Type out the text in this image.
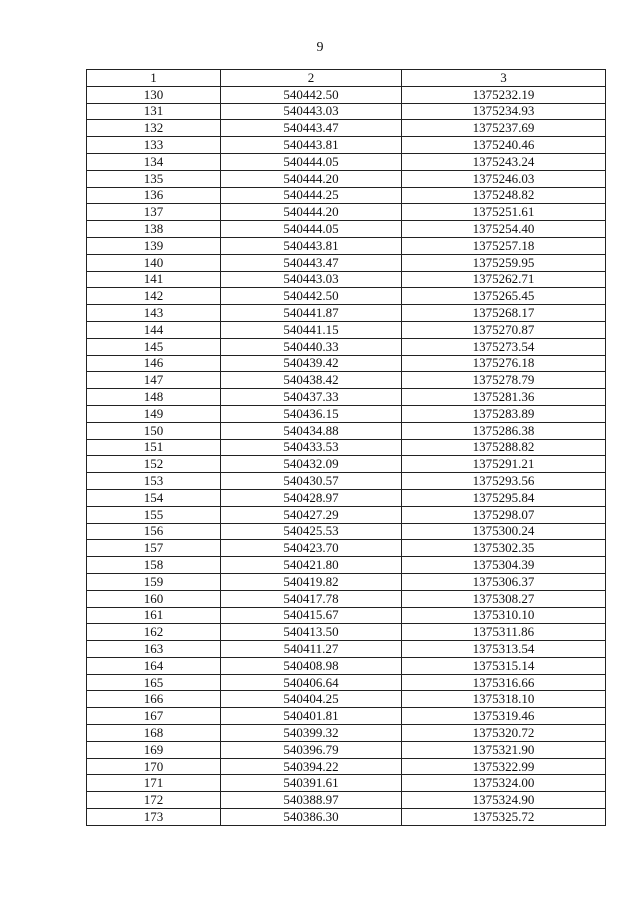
9
1	2	3
130	540442.50	1375232.19
131	540443.03	1375234.93
132	540443.47	1375237.69
133	540443.81	1375240.46
134	540444.05	1375243.24
135	540444.20	1375246.03
136	540444.25	1375248.82
137	540444.20	1375251.61
138	540444.05	1375254.40
139	540443.81	1375257.18
140	540443.47	1375259.95
141	540443.03	1375262.71
142	540442.50	1375265.45
143	540441.87	1375268.17
144	540441.15	1375270.87
145	540440.33	1375273.54
146	540439.42	1375276.18
147	540438.42	1375278.79
148	540437.33	1375281.36
149	540436.15	1375283.89
150	540434.88	1375286.38
151	540433.53	1375288.82
152	540432.09	1375291.21
153	540430.57	1375293.56
154	540428.97	1375295.84
155	540427.29	1375298.07
156	540425.53	1375300.24
157	540423.70	1375302.35
158	540421.80	1375304.39
159	540419.82	1375306.37
160	540417.78	1375308.27
161	540415.67	1375310.10
162	540413.50	1375311.86
163	540411.27	1375313.54
164	540408.98	1375315.14
165	540406.64	1375316.66
166	540404.25	1375318.10
167	540401.81	1375319.46
168	540399.32	1375320.72
169	540396.79	1375321.90
170	540394.22	1375322.99
171	540391.61	1375324.00
172	540388.97	1375324.90
173	540386.30	1375325.72
